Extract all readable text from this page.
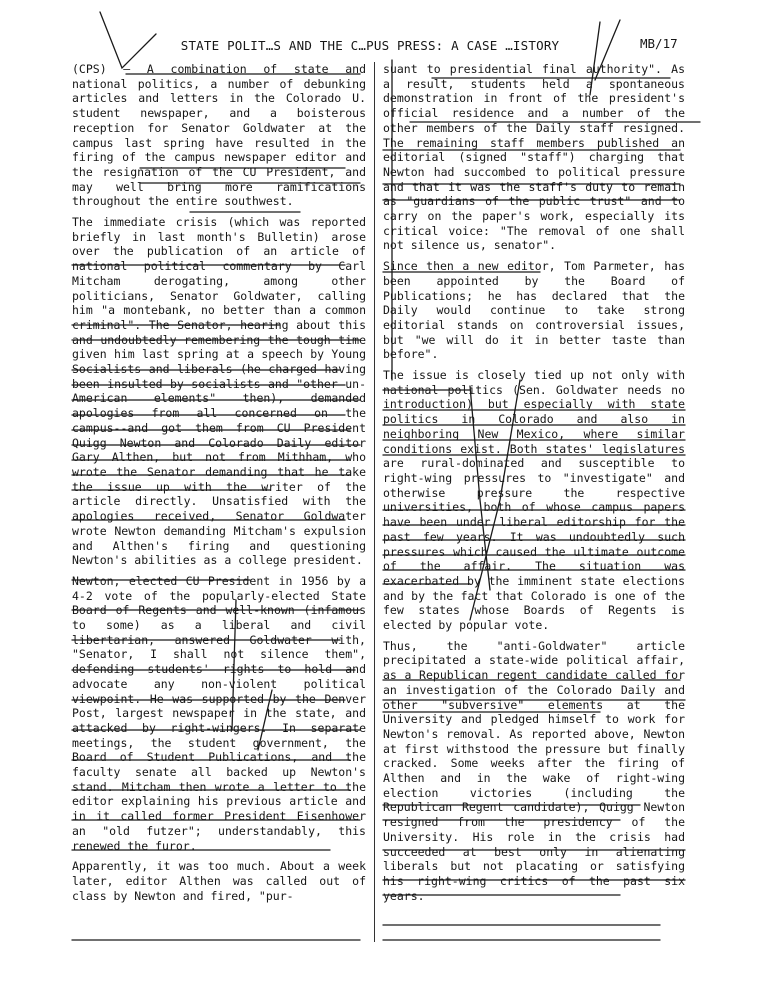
STATE POLIT…S AND THE C…PUS PRESS: A CASE …ISTORY	MB/17

(CPS) — A combination of state and national politics, a number of debunking articles and letters in the Colorado U. student newspaper, and a boisterous reception for Senator Goldwater at the campus last spring have resulted in the firing of the campus newspaper editor and the resignation of the CU President, and may well bring more ramifications throughout the entire southwest.

The immediate crisis (which was reported briefly in last month's Bulletin) arose over the publication of an article of national political commentary by Carl Mitcham derogating, among other politicians, Senator Goldwater, calling him "a montebank, no better than a common criminal". The Senator, hearing about this and undoubtedly remembering the tough time given him last spring at a speech by Young Socialists and liberals (he charged having been insulted by socialists and "other un-American elements" then), demanded apologies from all concerned on the campus--and got them from CU President Quigg Newton and Colorado Daily editor Gary Althen, but not from Mithham, who wrote the Senator demanding that he take the issue up with the writer of the article directly. Unsatisfied with the apologies received, Senator Goldwater wrote Newton demanding Mitcham's expulsion and Althen's firing and questioning Newton's abilities as a college president.

Newton, elected CU President in 1956 by a 4-2 vote of the popularly-elected State Board of Regents and well-known (infamous to some) as a liberal and civil libertarian, answered Goldwater with, "Senator, I shall not silence them", defending students' rights to hold and advocate any non-violent political viewpoint. He was supported by the Denver Post, largest newspaper in the state, and attacked by right-wingers. In separate meetings, the student government, the Board of Student Publications, and the faculty senate all backed up Newton's stand. Mitcham then wrote a letter to the editor explaining his previous article and in it called former President Eisenhower an "old futzer"; understandably, this renewed the furor.

Apparently, it was too much. About a week later, editor Althen was called out of class by Newton and fired, "pur-

suant to presidential final authority". As a result, students held a spontaneous demonstration in front of the president's official residence and a number of the other members of the Daily staff resigned. The remaining staff members published an editorial (signed "staff") charging that Newton had succombed to political pressure and that it was the staff's duty to remain as "guardians of the public trust" and to carry on the paper's work, especially its critical voice: "The removal of one shall not silence us, senator".

Since then a new editor, Tom Parmeter, has been appointed by the Board of Publications; he has declared that the Daily would continue to take strong editorial stands on controversial issues, but "we will do it in better taste than before".

The issue is closely tied up not only with national politics (Sen. Goldwater needs no introduction) but especially with state politics in Colorado and also in neighboring New Mexico, where similar conditions exist. Both states' legislatures are rural-dominated and susceptible to right-wing pressures to "investigate" and otherwise pressure the respective universities, both of whose campus papers have been under liberal editorship for the past few years. It was undoubtedly such pressures which caused the ultimate outcome of the affair. The situation was exacerbated by the imminent state elections and by the fact that Colorado is one of the few states whose Boards of Regents is elected by popular vote.

Thus, the "anti-Goldwater" article precipitated a state-wide political affair, as a Republican regent candidate called for an investigation of the Colorado Daily and other "subversive" elements at the University and pledged himself to work for Newton's removal. As reported above, Newton at first withstood the pressure but finally cracked. Some weeks after the firing of Althen and in the wake of right-wing election victories (including the Republican Regent candidate), Quigg Newton resigned from the presidency of the University. His role in the crisis had succeeded at best only in alienating liberals but not placating or satisfying his right-wing critics of the past six years.
